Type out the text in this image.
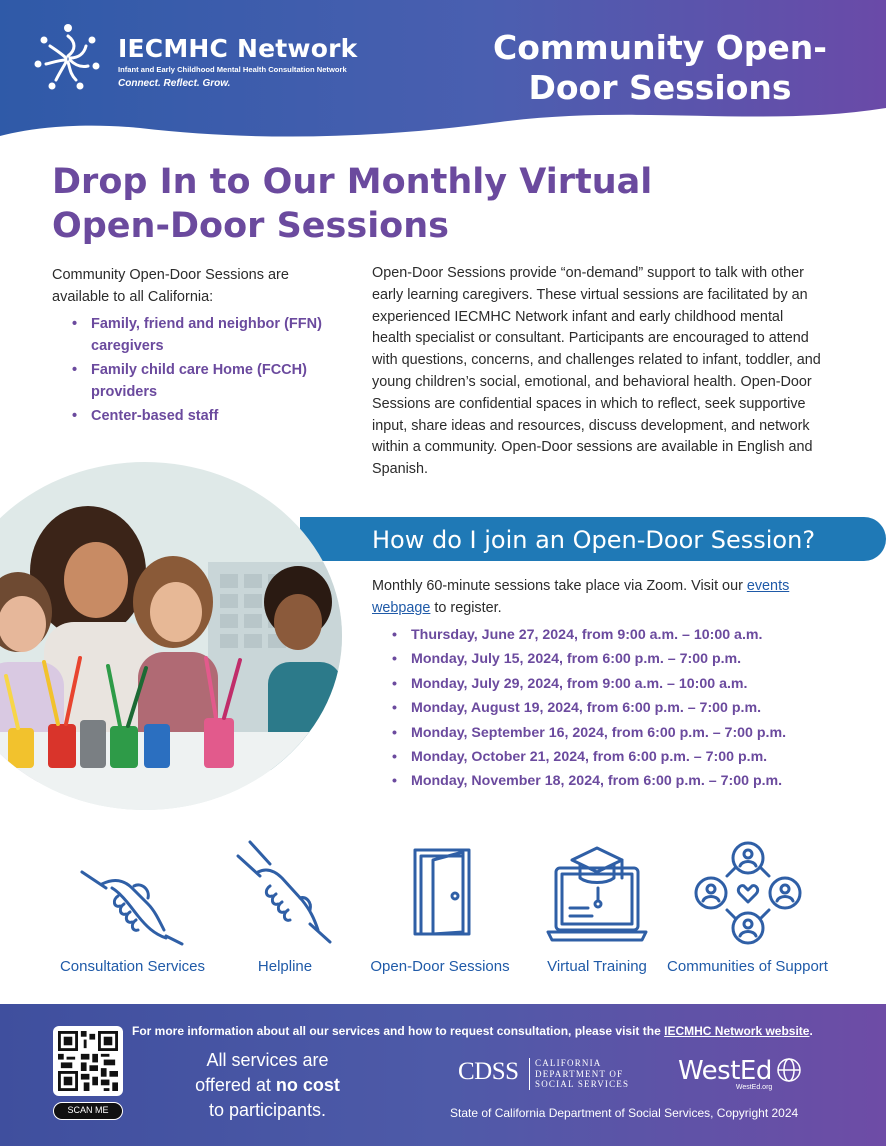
IECMHC Network
Infant and Early Childhood Mental Health Consultation Network
Connect. Reflect. Grow.
Community Open-
Door Sessions
Drop In to Our Monthly Virtual
Open-Door Sessions
Community Open-Door Sessions are available to all California:
• Family, friend and neighbor (FFN) caregivers
• Family child care Home (FCCH) providers
• Center-based staff
Open-Door Sessions provide “on-demand” support to talk with other early learning caregivers. These virtual sessions are facilitated by an experienced IECMHC Network infant and early childhood mental health specialist or consultant. Participants are encouraged to attend with questions, concerns, and challenges related to infant, toddler, and young children’s social, emotional, and behavioral health. Open-Door Sessions are confidential spaces in which to reflect, seek supportive input, share ideas and resources, discuss development, and network within a community. Open-Door sessions are available in English and Spanish.
How do I join an Open-Door Session?
Monthly 60-minute sessions take place via Zoom. Visit our events webpage to register.
• Thursday, June 27, 2024, from 9:00 a.m. – 10:00 a.m.
• Monday, July 15, 2024, from 6:00 p.m. – 7:00 p.m.
• Monday, July 29, 2024, from 9:00 a.m. – 10:00 a.m.
• Monday, August 19, 2024, from 6:00 p.m. – 7:00 p.m.
• Monday, September 16, 2024, from 6:00 p.m. – 7:00 p.m.
• Monday, October 21, 2024, from 6:00 p.m. – 7:00 p.m.
• Monday, November 18, 2024, from 6:00 p.m. – 7:00 p.m.
Consultation Services	Helpline	Open-Door Sessions	Virtual Training	Communities of Support
SCAN ME
For more information about all our services and how to request consultation, please visit the IECMHC Network website.
All services are
offered at no cost
to participants.
CDSS CALIFORNIA
DEPARTMENT OF
SOCIAL SERVICES WestEd
WestEd.org
State of California Department of Social Services, Copyright 2024
